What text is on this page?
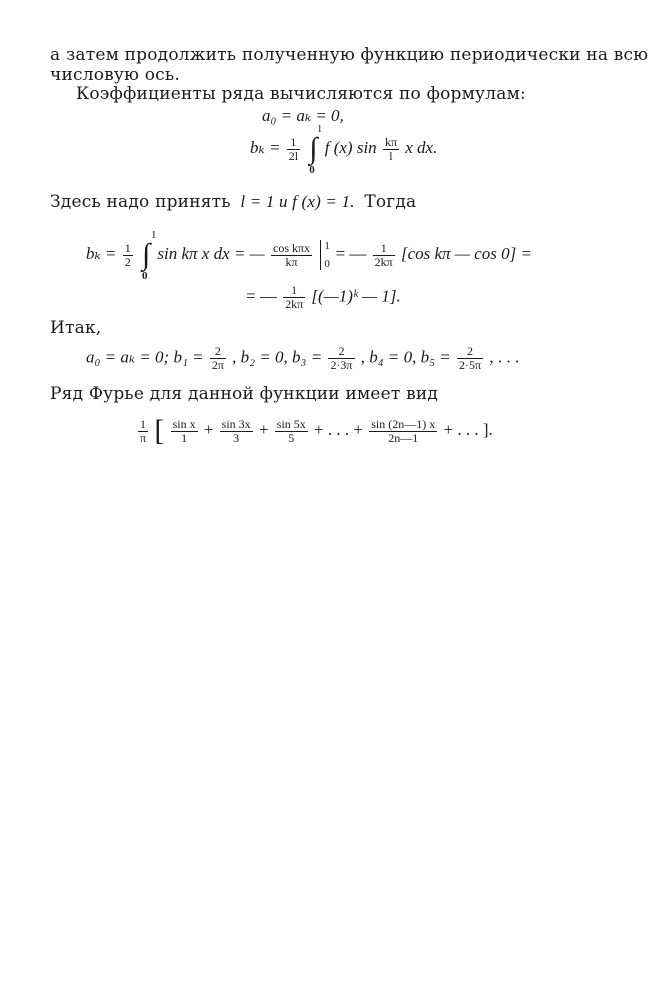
а затем продолжить полученную функцию периодически на всю
числовую ось.
Коэффициенты ряда вычисляются по формулам:
a₀ = aₖ = 0,
$b_k = \frac{1}{2l}$ ∫
l
0
f (x) $\sin \frac{k\pi}{l}$ x dx.
Здесь надо принять l = 1 и f (x) = 1. Тогда
$b_k = \frac{1}{2}$ ∫
1
0
sin kπ x dx = — $\frac{\text{cos kπx}}{k\pi}$
1
0
= — $\frac{1}{2k\pi} [\cos$ kπ — cos 0] =
= — $\frac{1}{2k\pi}$ [(—1)ᵏ — 1].
Итак,
a₀ = aₖ = 0; $b_1 = \frac{2}{2\pi}$ , b₂ = 0, $b_3 = \frac{2}{2\cdot 3\pi}$ , b₄ = 0, $b_5 = \frac{2}{2\cdot 5\pi}$ , . . .
Ряд Фурье для данной функции имеет вид
$\frac{1}{\pi}$ [ $\frac{\text{sin x}}{1} + \frac{\sin 3x}{3} + \frac{\sin 5x}{5}$ + . . . + $\frac{\sin (2n—1) x}{2n—1}$ + . . . ].
